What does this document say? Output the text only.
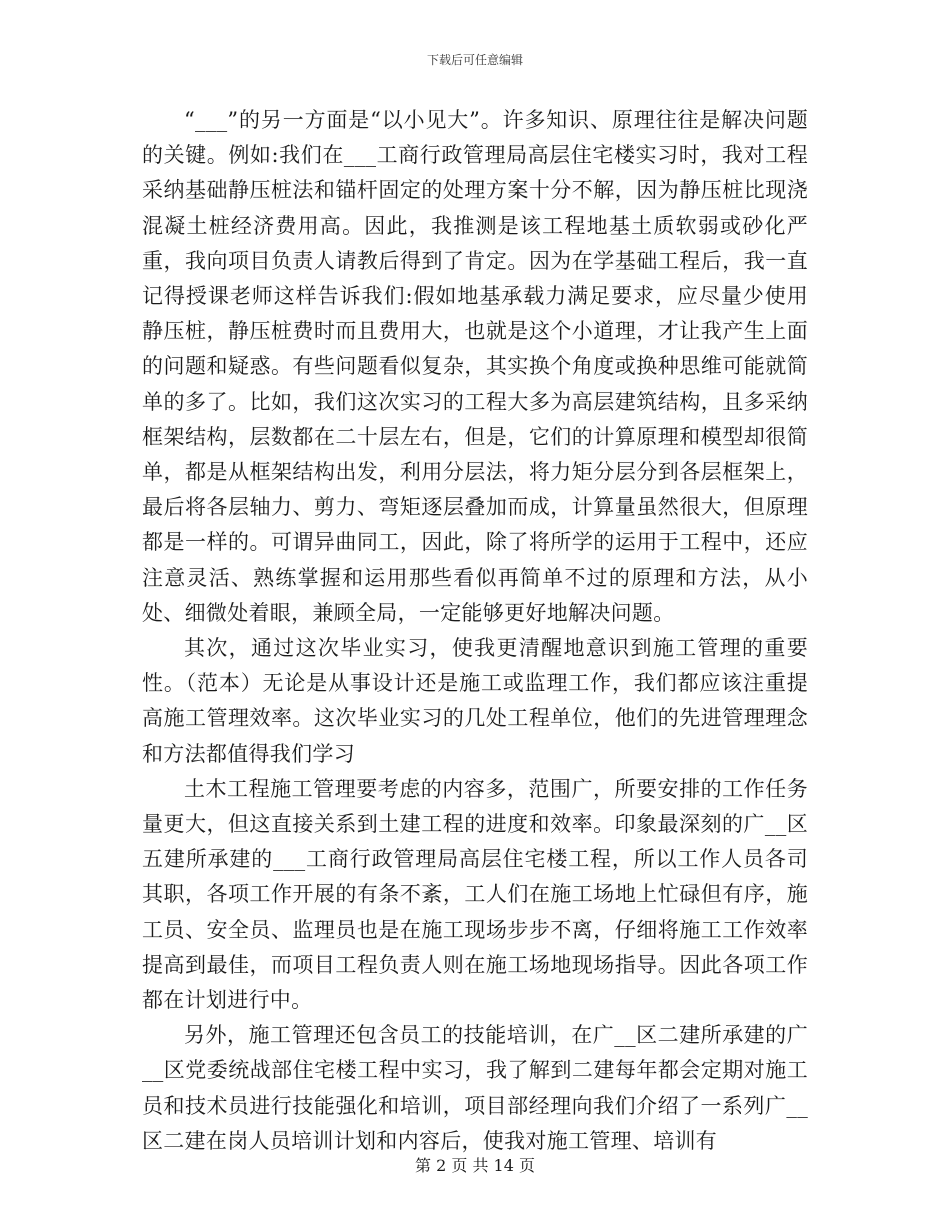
下载后可任意编辑

“___”的另一方面是“以小见大”。许多知识、原理往往是解决问题的关键。例如:我们在___工商行政管理局高层住宅楼实习时，我对工程采纳基础静压桩法和锚杆固定的处理方案十分不解，因为静压桩比现浇混凝土桩经济费用高。因此，我推测是该工程地基土质软弱或砂化严重，我向项目负责人请教后得到了肯定。因为在学基础工程后，我一直记得授课老师这样告诉我们:假如地基承载力满足要求，应尽量少使用静压桩，静压桩费时而且费用大，也就是这个小道理，才让我产生上面的问题和疑惑。有些问题看似复杂，其实换个角度或换种思维可能就简单的多了。比如，我们这次实习的工程大多为高层建筑结构，且多采纳框架结构，层数都在二十层左右，但是，它们的计算原理和模型却很简单，都是从框架结构出发，利用分层法，将力矩分层分到各层框架上，最后将各层轴力、剪力、弯矩逐层叠加而成，计算量虽然很大，但原理都是一样的。可谓异曲同工，因此，除了将所学的运用于工程中，还应注意灵活、熟练掌握和运用那些看似再简单不过的原理和方法，从小处、细微处着眼，兼顾全局，一定能够更好地解决问题。

其次，通过这次毕业实习，使我更清醒地意识到施工管理的重要性。（范本）无论是从事设计还是施工或监理工作，我们都应该注重提高施工管理效率。这次毕业实习的几处工程单位，他们的先进管理理念和方法都值得我们学习

土木工程施工管理要考虑的内容多，范围广，所要安排的工作任务量更大，但这直接关系到土建工程的进度和效率。印象最深刻的广__区五建所承建的___工商行政管理局高层住宅楼工程，所以工作人员各司其职，各项工作开展的有条不紊，工人们在施工场地上忙碌但有序，施工员、安全员、监理员也是在施工现场步步不离，仔细将施工工作效率提高到最佳，而项目工程负责人则在施工场地现场指导。因此各项工作都在计划进行中。

另外，施工管理还包含员工的技能培训，在广__区二建所承建的广__区党委统战部住宅楼工程中实习，我了解到二建每年都会定期对施工员和技术员进行技能强化和培训，项目部经理向我们介绍了一系列广__区二建在岗人员培训计划和内容后，使我对施工管理、培训有

第 2 页 共 14 页
